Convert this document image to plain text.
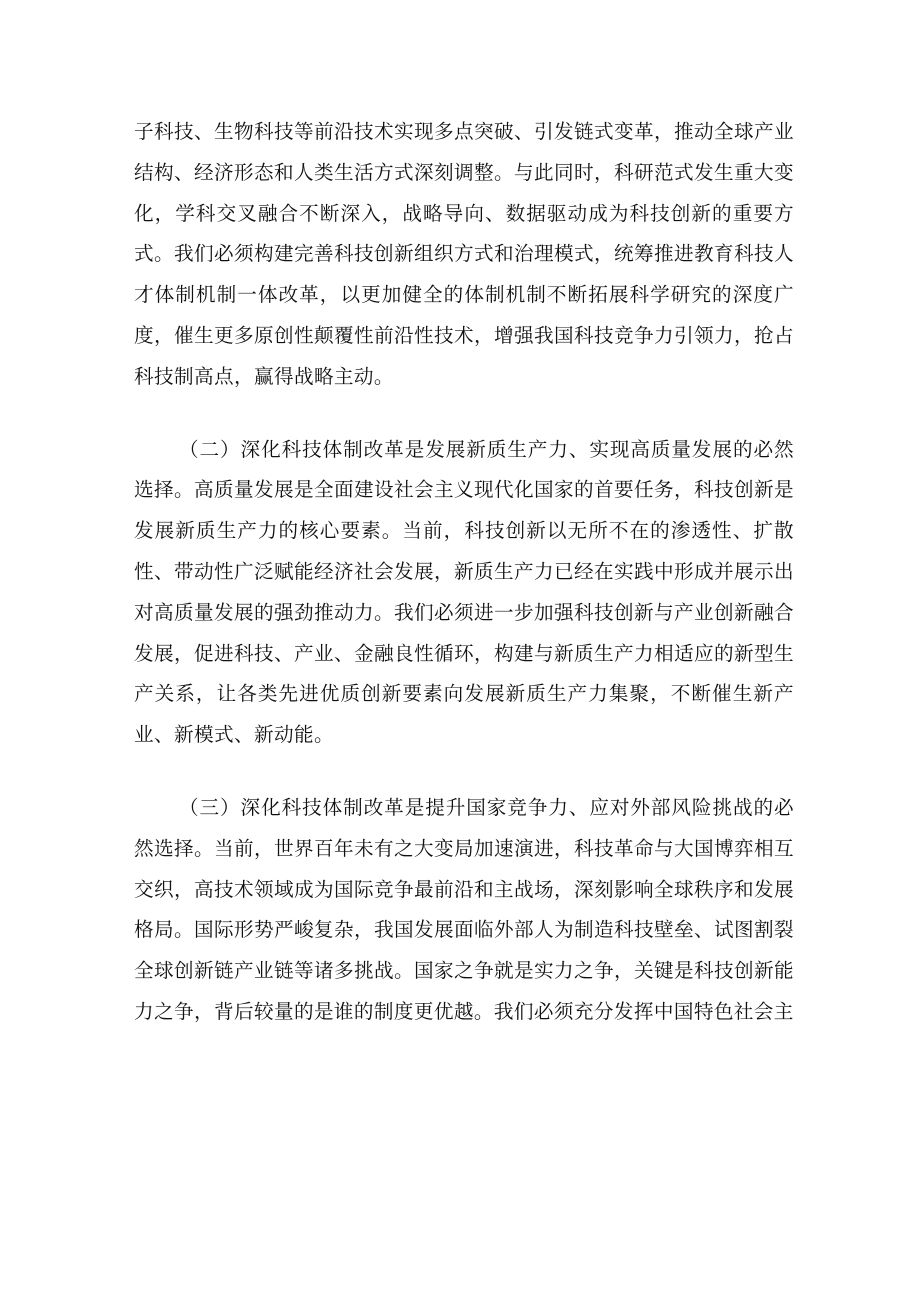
子科技、生物科技等前沿技术实现多点突破、引发链式变革，推动全球产业结构、经济形态和人类生活方式深刻调整。与此同时，科研范式发生重大变化，学科交叉融合不断深入，战略导向、数据驱动成为科技创新的重要方式。我们必须构建完善科技创新组织方式和治理模式，统筹推进教育科技人才体制机制一体改革，以更加健全的体制机制不断拓展科学研究的深度广度，催生更多原创性颠覆性前沿性技术，增强我国科技竞争力引领力，抢占科技制高点，赢得战略主动。

（二）深化科技体制改革是发展新质生产力、实现高质量发展的必然选择。高质量发展是全面建设社会主义现代化国家的首要任务，科技创新是发展新质生产力的核心要素。当前，科技创新以无所不在的渗透性、扩散性、带动性广泛赋能经济社会发展，新质生产力已经在实践中形成并展示出对高质量发展的强劲推动力。我们必须进一步加强科技创新与产业创新融合发展，促进科技、产业、金融良性循环，构建与新质生产力相适应的新型生产关系，让各类先进优质创新要素向发展新质生产力集聚，不断催生新产业、新模式、新动能。

（三）深化科技体制改革是提升国家竞争力、应对外部风险挑战的必然选择。当前，世界百年未有之大变局加速演进，科技革命与大国博弈相互交织，高技术领域成为国际竞争最前沿和主战场，深刻影响全球秩序和发展格局。国际形势严峻复杂，我国发展面临外部人为制造科技壁垒、试图割裂全球创新链产业链等诸多挑战。国家之争就是实力之争，关键是科技创新能力之争，背后较量的是谁的制度更优越。我们必须充分发挥中国特色社会主
